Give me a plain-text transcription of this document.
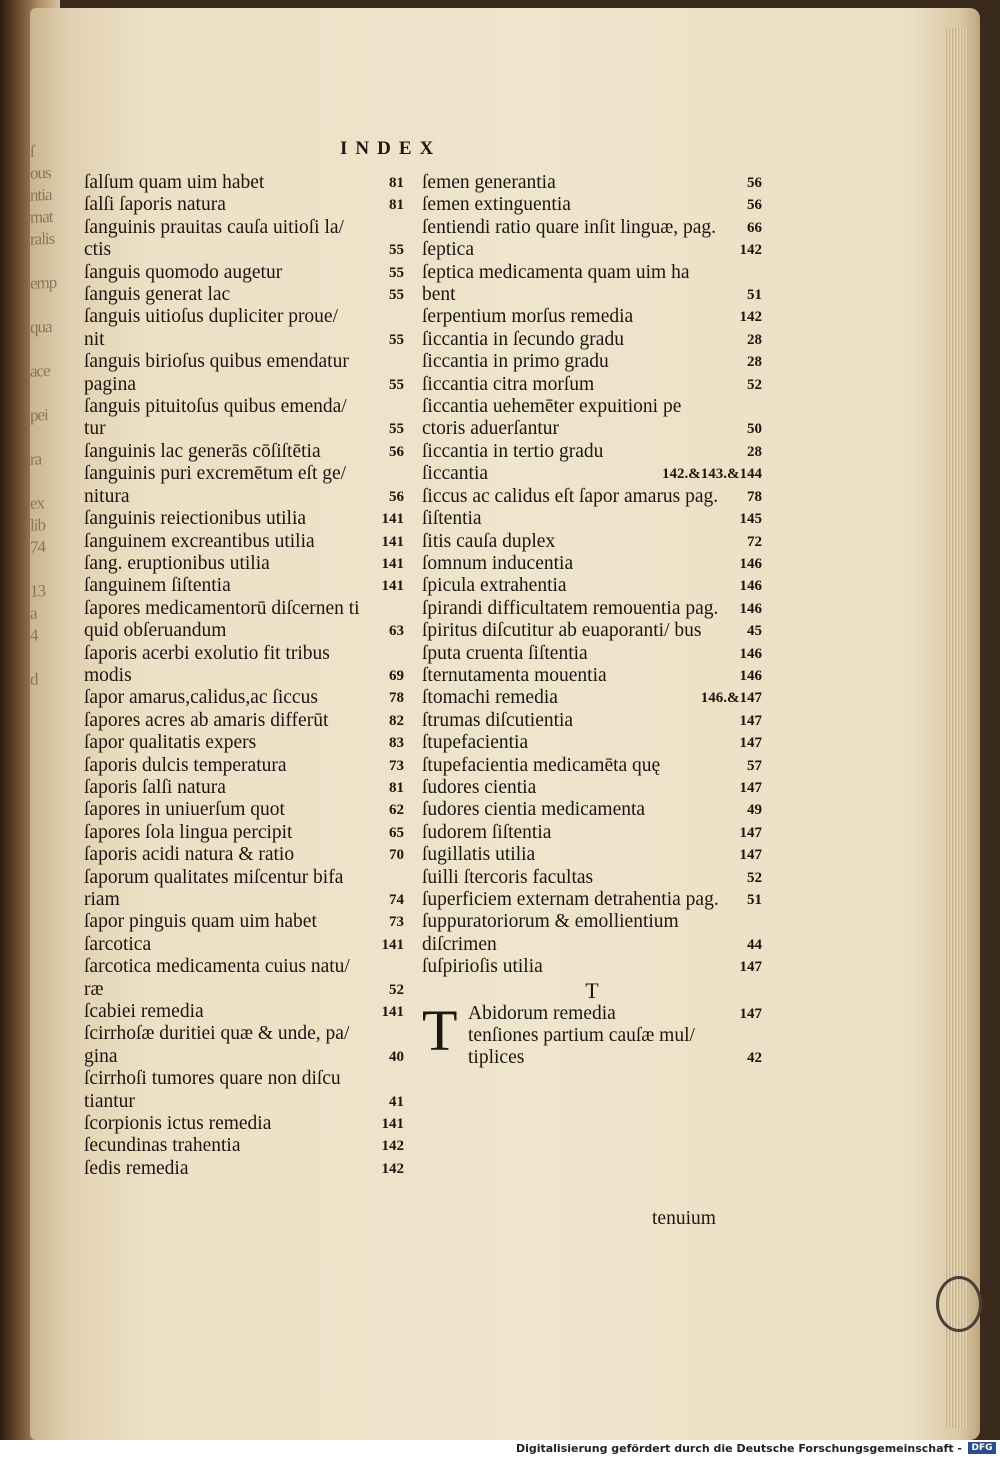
ſ
ous
ntia
mat
ralis

emp

qua

ace

pei

ra

ex
lib
74

13
a
4

d
INDEX
ſalſum quam uim habet	81
ſalſi ſaporis natura	81
ſanguinis prauitas cauſa uitioſi la/ ctis	55
ſanguis quomodo augetur	55
ſanguis generat lac	55
ſanguis uitioſus dupliciter proue/ nit	55
ſanguis birioſus quibus emendatur pagina	55
ſanguis pituitoſus quibus emenda/ tur	55
ſanguinis lac generās cōſiſtētia	56
ſanguinis puri excremētum eſt ge/ nitura	56
ſanguinis reiectionibus utilia	141
ſanguinem excreantibus utilia	141
ſang. eruptionibus utilia	141
ſanguinem ſiſtentia	141
ſapores medicamentorū diſcernen ti quid obſeruandum	63
ſaporis acerbi exolutio fit tribus modis	69
ſapor amarus,calidus,ac ſiccus	78
ſapores acres ab amaris differūt	82
ſapor qualitatis expers	83
ſaporis dulcis temperatura	73
ſaporis ſalſi natura	81
ſapores in uniuerſum quot	62
ſapores ſola lingua percipit	65
ſaporis acidi natura & ratio	70
ſaporum qualitates miſcentur bifa riam	74
ſapor pinguis quam uim habet	73
ſarcotica	141
ſarcotica medicamenta cuius natu/ ræ	52
ſcabiei remedia	141
ſcirrhoſæ duritiei quæ & unde, pa/ gina	40
ſcirrhoſi tumores quare non diſcu tiantur	41
ſcorpionis ictus remedia	141
ſecundinas trahentia	142
ſedis remedia	142
ſemen generantia	56
ſemen extinguentia	56
ſentiendi ratio quare inſit linguæ, pag.	66
ſeptica	142
ſeptica medicamenta quam uim ha bent	51
ſerpentium morſus remedia	142
ſiccantia in ſecundo gradu	28
ſiccantia in primo gradu	28
ſiccantia citra morſum	52
ſiccantia uehemēter expuitioni pe ctoris aduerſantur	50
ſiccantia in tertio gradu	28
ſiccantia	142.&143.&144
ſiccus ac calidus eſt ſapor amarus pag.	78
ſiſtentia	145
ſitis cauſa duplex	72
ſomnum inducentia	146
ſpicula extrahentia	146
ſpirandi difficultatem remouentia pag.	146
ſpiritus diſcutitur ab euaporanti/ bus	45
ſputa cruenta ſiſtentia	146
ſternutamenta mouentia	146
ſtomachi remedia	146.&147
ſtrumas diſcutientia	147
ſtupefacientia	147
ſtupefacientia medicamēta quę	57
ſudores cientia	147
ſudores cientia medicamenta	49
ſudorem ſiſtentia	147
ſugillatis utilia	147
ſuilli ſtercoris facultas	52
ſuperficiem externam detrahentia pag.	51
ſuppuratoriorum & emollientium diſcrimen	44
ſuſpirioſis utilia	147
T
T Abidorum remedia	147
tenſiones partium cauſæ mul/ tiplices	42
tenuium
Digitalisierung gefördert durch die Deutsche Forschungsgemeinschaft -	DFG
